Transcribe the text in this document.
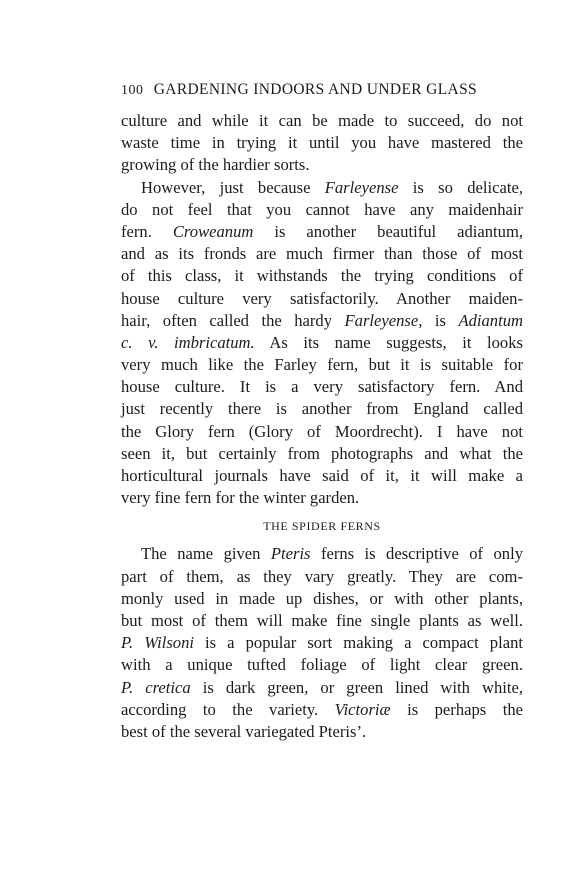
100 GARDENING INDOORS AND UNDER GLASS
culture and while it can be made to succeed, do not
waste time in trying it until you have mastered the
growing of the hardier sorts.
However, just because Farleyense is so delicate,
do not feel that you cannot have any maidenhair
fern. Croweanum is another beautiful adiantum,
and as its fronds are much firmer than those of most
of this class, it withstands the trying conditions of
house culture very satisfactorily. Another maiden-
hair, often called the hardy Farleyense, is Adiantum
c. v. imbricatum. As its name suggests, it looks
very much like the Farley fern, but it is suitable for
house culture. It is a very satisfactory fern. And
just recently there is another from England called
the Glory fern (Glory of Moordrecht). I have not
seen it, but certainly from photographs and what the
horticultural journals have said of it, it will make a
very fine fern for the winter garden.
THE SPIDER FERNS
The name given Pteris ferns is descriptive of only
part of them, as they vary greatly. They are com-
monly used in made up dishes, or with other plants,
but most of them will make fine single plants as well.
P. Wilsoni is a popular sort making a compact plant
with a unique tufted foliage of light clear green.
P. cretica is dark green, or green lined with white,
according to the variety. Victoriæ is perhaps the
best of the several variegated Pteris’.
